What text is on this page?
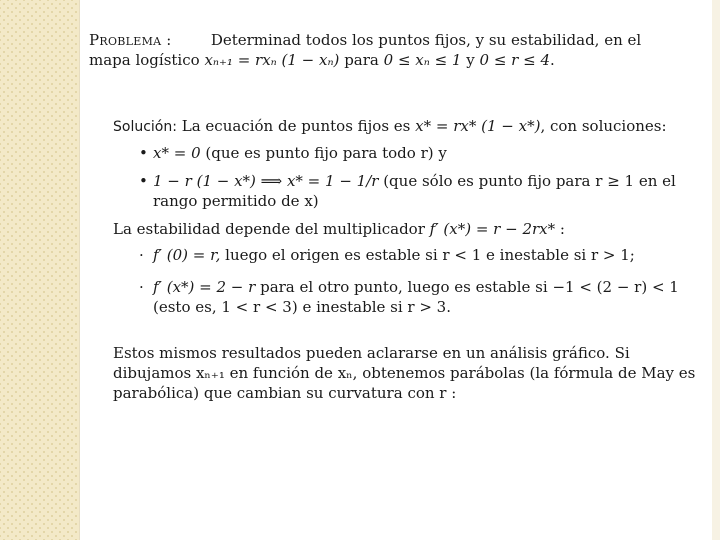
Problema :	Determinad todos los puntos fijos, y su estabilidad, en el
mapa logístico xₙ₊₁ = rxₙ (1 − xₙ) para 0 ≤ xₙ ≤ 1 y 0 ≤ r ≤ 4.

Solución: La ecuación de puntos fijos es x* = rx* (1 − x*), con soluciones:

• x* = 0 (que es punto fijo para todo r) y
• 1 − r (1 − x*) ⟹ x* = 1 − 1/r (que sólo es punto fijo para r ≥ 1 en el rango permitido de x)

La estabilidad depende del multiplicador f′ (x*) = r − 2rx* :

· f′ (0) = r, luego el origen es estable si r < 1 e inestable si r > 1;
· f′ (x*) = 2 − r para el otro punto, luego es estable si −1 < (2 − r) < 1 (esto es, 1 < r < 3) e inestable si r > 3.

Estos mismos resultados pueden aclararse en un análisis gráfico. Si dibujamos xₙ₊₁ en función de xₙ, obtenemos parábolas (la fórmula de May es parabólica) que cambian su curvatura con r :
